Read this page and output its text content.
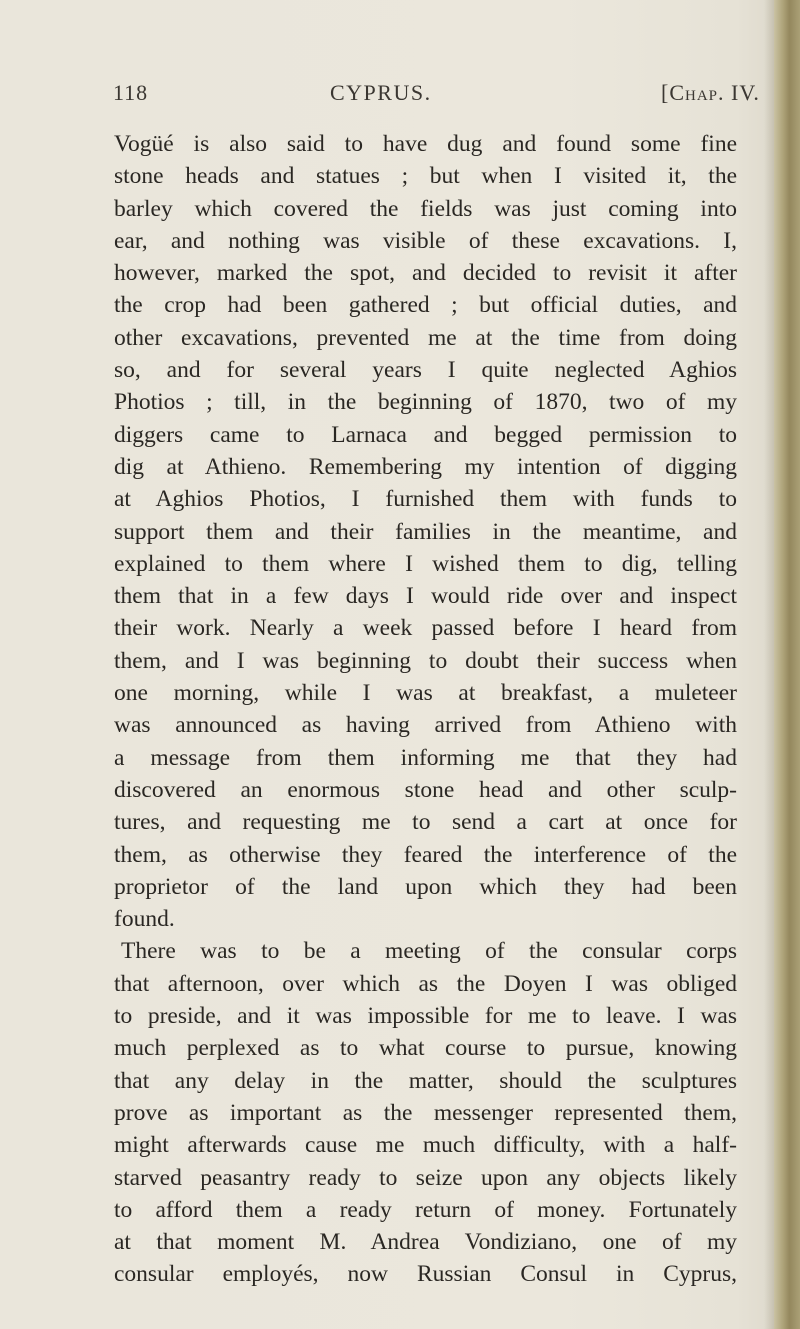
118	CYPRUS.	[Chap. IV.
Vogüé is also said to have dug and found some fine
stone heads and statues ; but when I visited it, the
barley which covered the fields was just coming into
ear, and nothing was visible of these excavations. I,
however, marked the spot, and decided to revisit it after
the crop had been gathered ; but official duties, and
other excavations, prevented me at the time from doing
so, and for several years I quite neglected Aghios
Photios ; till, in the beginning of 1870, two of my
diggers came to Larnaca and begged permission to
dig at Athieno. Remembering my intention of digging
at Aghios Photios, I furnished them with funds to
support them and their families in the meantime, and
explained to them where I wished them to dig, telling
them that in a few days I would ride over and inspect
their work. Nearly a week passed before I heard from
them, and I was beginning to doubt their success when
one morning, while I was at breakfast, a muleteer
was announced as having arrived from Athieno with
a message from them informing me that they had
discovered an enormous stone head and other sculp-
tures, and requesting me to send a cart at once for
them, as otherwise they feared the interference of the
proprietor of the land upon which they had been
found.
There was to be a meeting of the consular corps
that afternoon, over which as the Doyen I was obliged
to preside, and it was impossible for me to leave. I was
much perplexed as to what course to pursue, knowing
that any delay in the matter, should the sculptures
prove as important as the messenger represented them,
might afterwards cause me much difficulty, with a half-
starved peasantry ready to seize upon any objects likely
to afford them a ready return of money. Fortunately
at that moment M. Andrea Vondiziano, one of my
consular employés, now Russian Consul in Cyprus,
